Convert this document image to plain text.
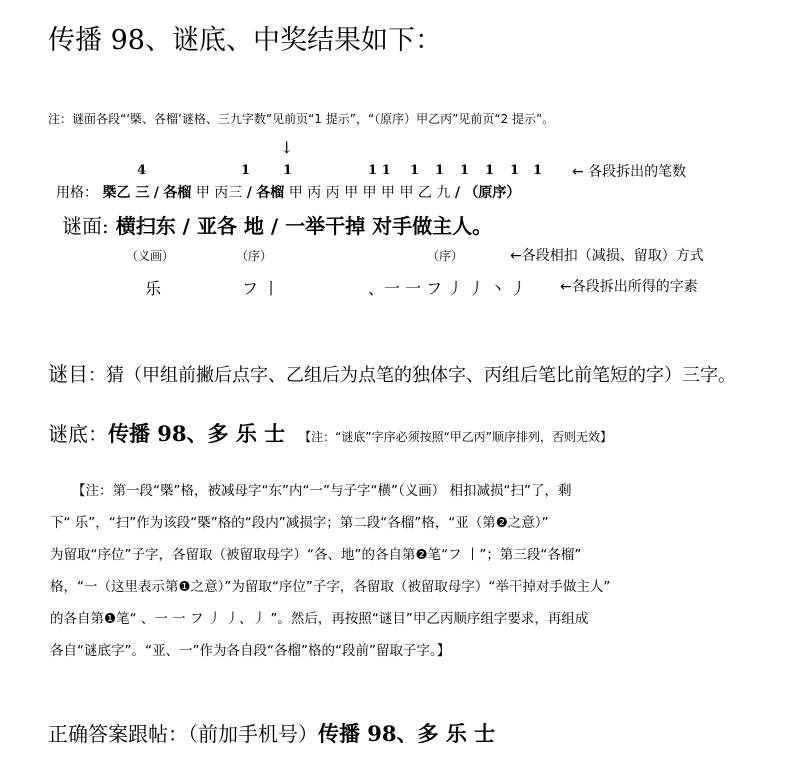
传播 98、谜底、中奖结果如下：
注：谜面各段“‘槩、各榴’谜格、三九字数”见前页“1 提示”，“（原序）甲乙丙”见前页“2 提示”。
↓
4	1	1	1 1 1 1 1 1 1 1 ← 各段拆出的笔数
用格： 槩乙 三 / 各榴 甲 丙三 / 各榴 甲 丙 丙 甲 甲 甲 甲 乙 九 / （原序）
谜面: 横扫东 / 亚各 地 / 一举干掉 对手做主人。
（义画）	（序）	（序）	←各段相扣（减损、留取）方式
乐	フ 丨	、一 一 フ 丿 丿 丶 丿 ←各段拆出所得的字素
谜目：猜（甲组前撇后点字、乙组后为点笔的独体字、丙组后笔比前笔短的字）三字。
谜底：传播 98、多 乐 士 【注：“谜底”字序必须按照“甲乙丙”顺序排列，否则无效】

【注：第一段“槩”格，被减母字“东”内“一”与子字“横”（义画） 相扣减损“扫”了，剩

下“ 乐”，“扫”作为该段“槩”格的“段内”减损字；第二段“各榴”格，“亚（第❷之意）”

为留取“序位”子字，各留取（被留取母字）“各、地”的各自第❷笔“フ 丨”；第三段“各榴”

格，“一（这里表示第❶之意）”为留取“序位”子字，各留取（被留取母字）“举干掉对手做主人”

的各自第❶笔“ 、一 一 フ 丿 丿、丿 ”。然后，再按照“谜目”甲乙丙顺序组字要求，再组成

各自“谜底字”。“亚、一”作为各自段“各榴”格的“段前”留取子字。】

正确答案跟帖：（前加手机号）传播 98、多 乐 士
